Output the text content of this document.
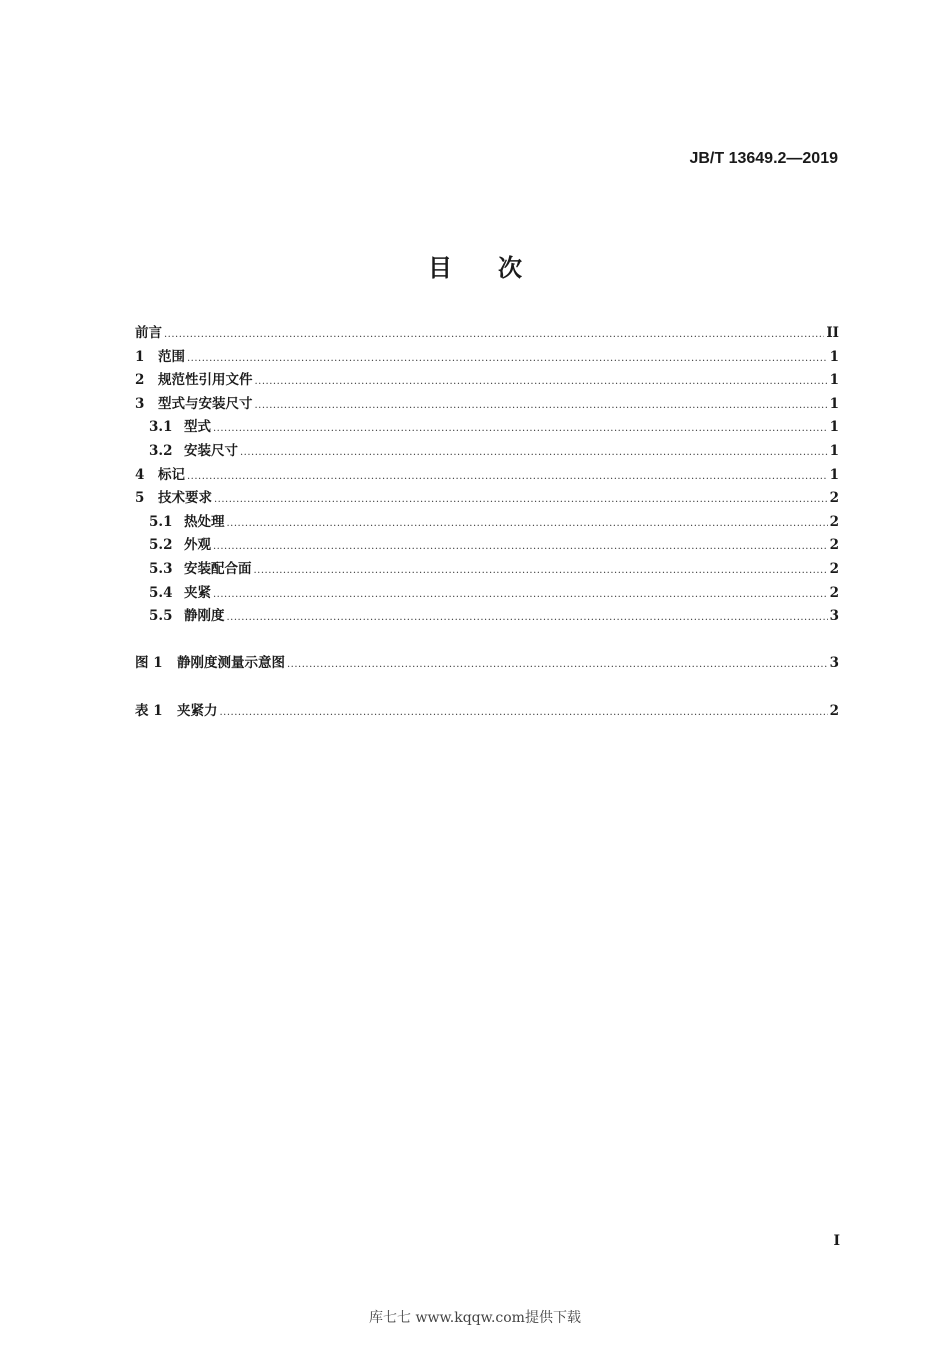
JB/T 13649.2—2019
目次
前言 .....	II
1	范围 .....	1
2	规范性引用文件 .....	1
3	型式与安装尺寸 .....	1
3.1 型式 .....	1
3.2 安装尺寸 .....	1
4	标记 .....	1
5	技术要求 .....	2
5.1 热处理 .....	2
5.2 外观 .....	2
5.3 安装配合面 .....	2
5.4 夹紧 .....	2
5.5 静刚度 .....	3
图 1	静刚度测量示意图 .....	3
表 1	夹紧力 .....	2
I
库七七 www.kqqw.com提供下载
